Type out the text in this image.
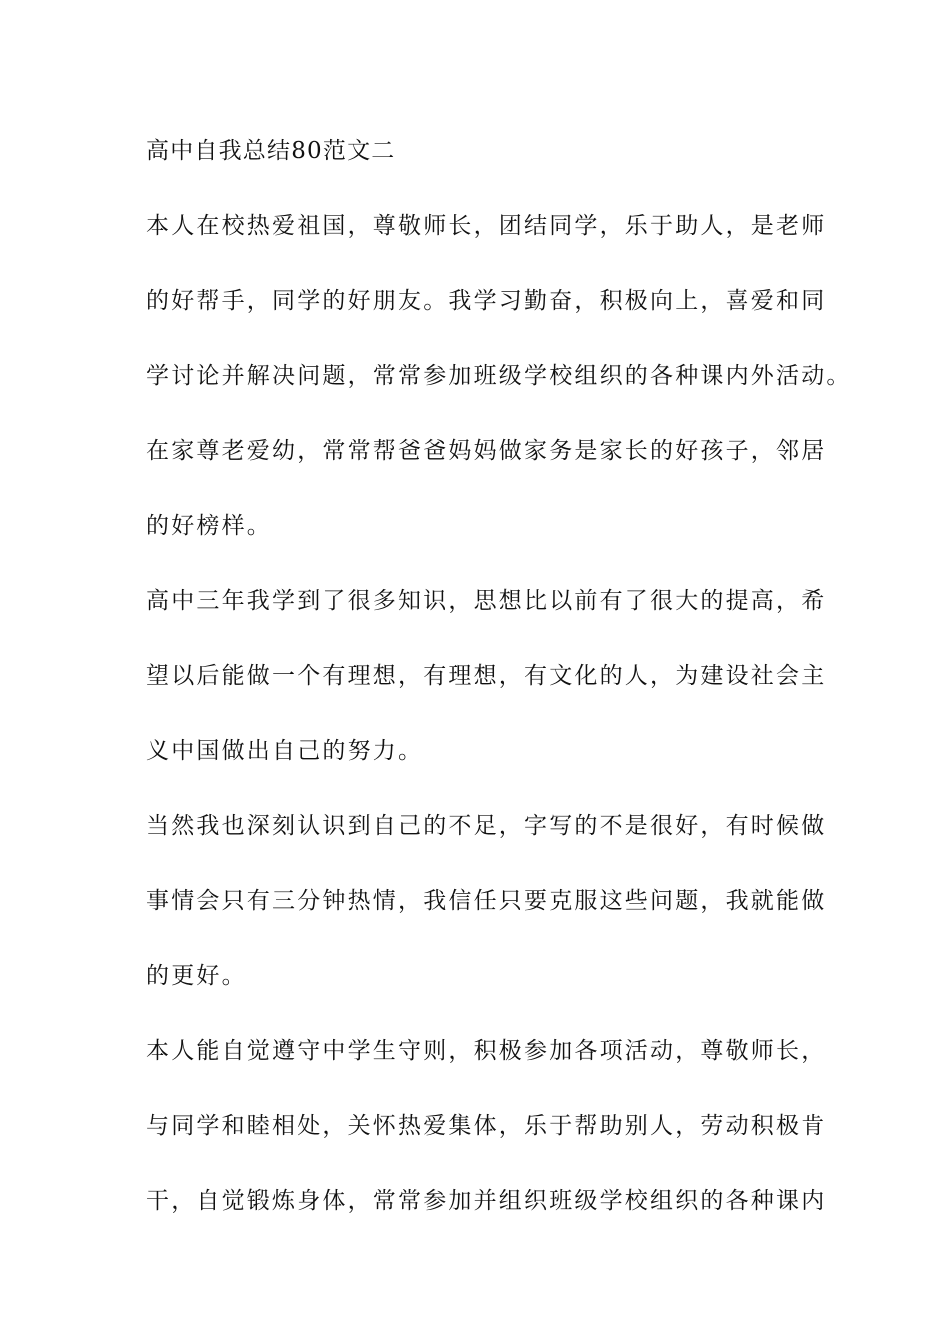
高中自我总结80范文二

本人在校热爱祖国，尊敬师长，团结同学，乐于助人，是老师

的好帮手，同学的好朋友。我学习勤奋，积极向上，喜爱和同

学讨论并解决问题，常常参加班级学校组织的各种课内外活动。

在家尊老爱幼，常常帮爸爸妈妈做家务是家长的好孩子，邻居

的好榜样。

高中三年我学到了很多知识，思想比以前有了很大的提高，希

望以后能做一个有理想，有理想，有文化的人，为建设社会主

义中国做出自己的努力。

当然我也深刻认识到自己的不足，字写的不是很好，有时候做

事情会只有三分钟热情，我信任只要克服这些问题，我就能做

的更好。

本人能自觉遵守中学生守则，积极参加各项活动，尊敬师长，

与同学和睦相处，关怀热爱集体，乐于帮助别人，劳动积极肯

干，自觉锻炼身体，常常参加并组织班级学校组织的各种课内
